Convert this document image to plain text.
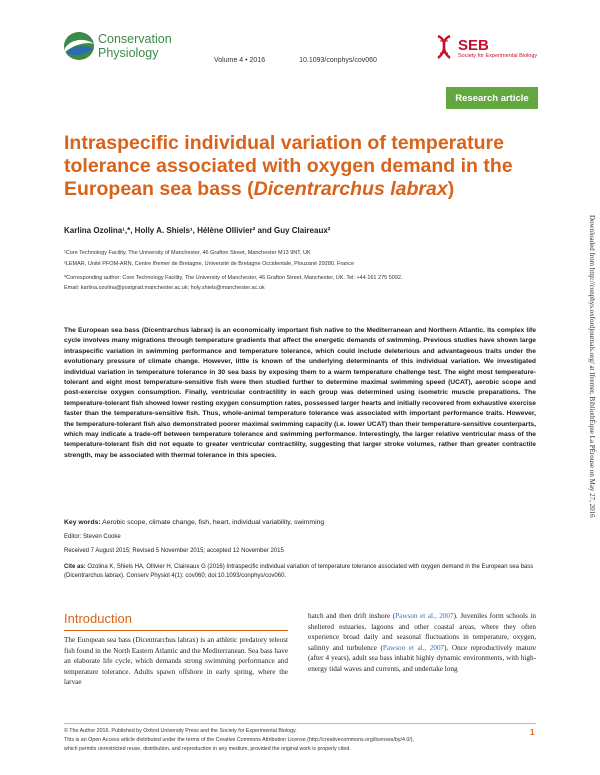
Conservation
Physiology
Volume 4 • 2016	10.1093/conphys/cov060
SEB
Society for Experimental Biology
Research article
Intraspecific individual variation of temperature tolerance associated with oxygen demand in the European sea bass (Dicentrarchus labrax)
Karlina Ozolina¹,*, Holly A. Shiels¹, Hélène Ollivier² and Guy Claireaux²
¹Core Technology Facility, The University of Manchester, 46 Grafton Street, Manchester M13 9NT, UK
²LEMAR, Unité PFOM-ARN, Centre Ifremer de Bretagne, Université de Bretagne Occidentale, Plouzané 29280, France
*Corresponding author: Core Technology Facility, The University of Manchester, 46 Grafton Street, Manchester, UK. Tel: +44 161 275 5092.
Email: karlina.ozolina@postgrad.manchester.ac.uk; holy.shiels@manchester.ac.uk
The European sea bass (Dicentrarchus labrax) is an economically important fish native to the Mediterranean and Northern Atlantic. Its complex life cycle involves many migrations through temperature gradients that affect the energetic demands of swimming. Previous studies have shown large intraspecific variation in swimming performance and temperature tolerance, which could include deleterious and advantageous traits under the evolutionary pressure of climate change. However, little is known of the underlying determinants of this individual variation. We investigated individual variation in temperature tolerance in 30 sea bass by exposing them to a warm temperature challenge test. The eight most temperature-tolerant and eight most temperature-sensitive fish were then studied further to determine maximal swimming speed (UCAT), aerobic scope and post-exercise oxygen consumption. Finally, ventricular contractility in each group was determined using isometric muscle preparations. The temperature-tolerant fish showed lower resting oxygen consumption rates, possessed larger hearts and initially recovered from exhaustive exercise faster than the temperature-sensitive fish. Thus, whole-animal temperature tolerance was associated with important performance traits. However, the temperature-tolerant fish also demonstrated poorer maximal swimming capacity (i.e. lower UCAT) than their temperature-sensitive counterparts, which may indicate a trade-off between temperature tolerance and swimming performance. Interestingly, the larger relative ventricular mass of the temperature-tolerant fish did not equate to greater ventricular contractility, suggesting that larger stroke volumes, rather than greater contractile strength, may be associated with thermal tolerance in this species.
Key words: Aerobic scope, climate change, fish, heart, individual variability, swimming
Editor: Steven Cooke
Received 7 August 2015; Revised 5 November 2015; accepted 12 November 2015
Cite as: Ozolina K, Shiels HA, Ollivier H, Claireaux G (2016) Intraspecific individual variation of temperature tolerance associated with oxygen demand in the European sea bass (Dicentrarchus labrax). Conserv Physiol 4(1): cov060; doi:10.1093/conphys/cov060.
Introduction
The European sea bass (Dicentrarchus labrax) is an athletic predatory teleost fish found in the North Eastern Atlantic and the Mediterranean. Sea bass have an elaborate life cycle, which demands strong swimming performance and temperature tolerance. Adults spawn offshore in early spring, where the larvae
hatch and then drift inshore (Pawson et al., 2007). Juveniles form schools in sheltered estuaries, lagoons and other coastal areas, where they often experience broad daily and seasonal fluctuations in temperature, oxygen, salinity and turbulence (Pawson et al., 2007). Once reproductively mature (after 4 years), adult sea bass inhabit highly dynamic environments, with high-energy tidal waves and currents, and undertake long
© The Author 2016. Published by Oxford University Press and the Society for Experimental Biology.
This is an Open Access article distributed under the terms of the Creative Commons Attribution License (http://creativecommons.org/licenses/by/4.0/),
which permits unrestricted reuse, distribution, and reproduction in any medium, provided the original work is properly cited.
1
Downloaded from http://conphys.oxfordjournals.org/ at Ifremer, BibliothÈque La PÉrouse on May 27, 2016
